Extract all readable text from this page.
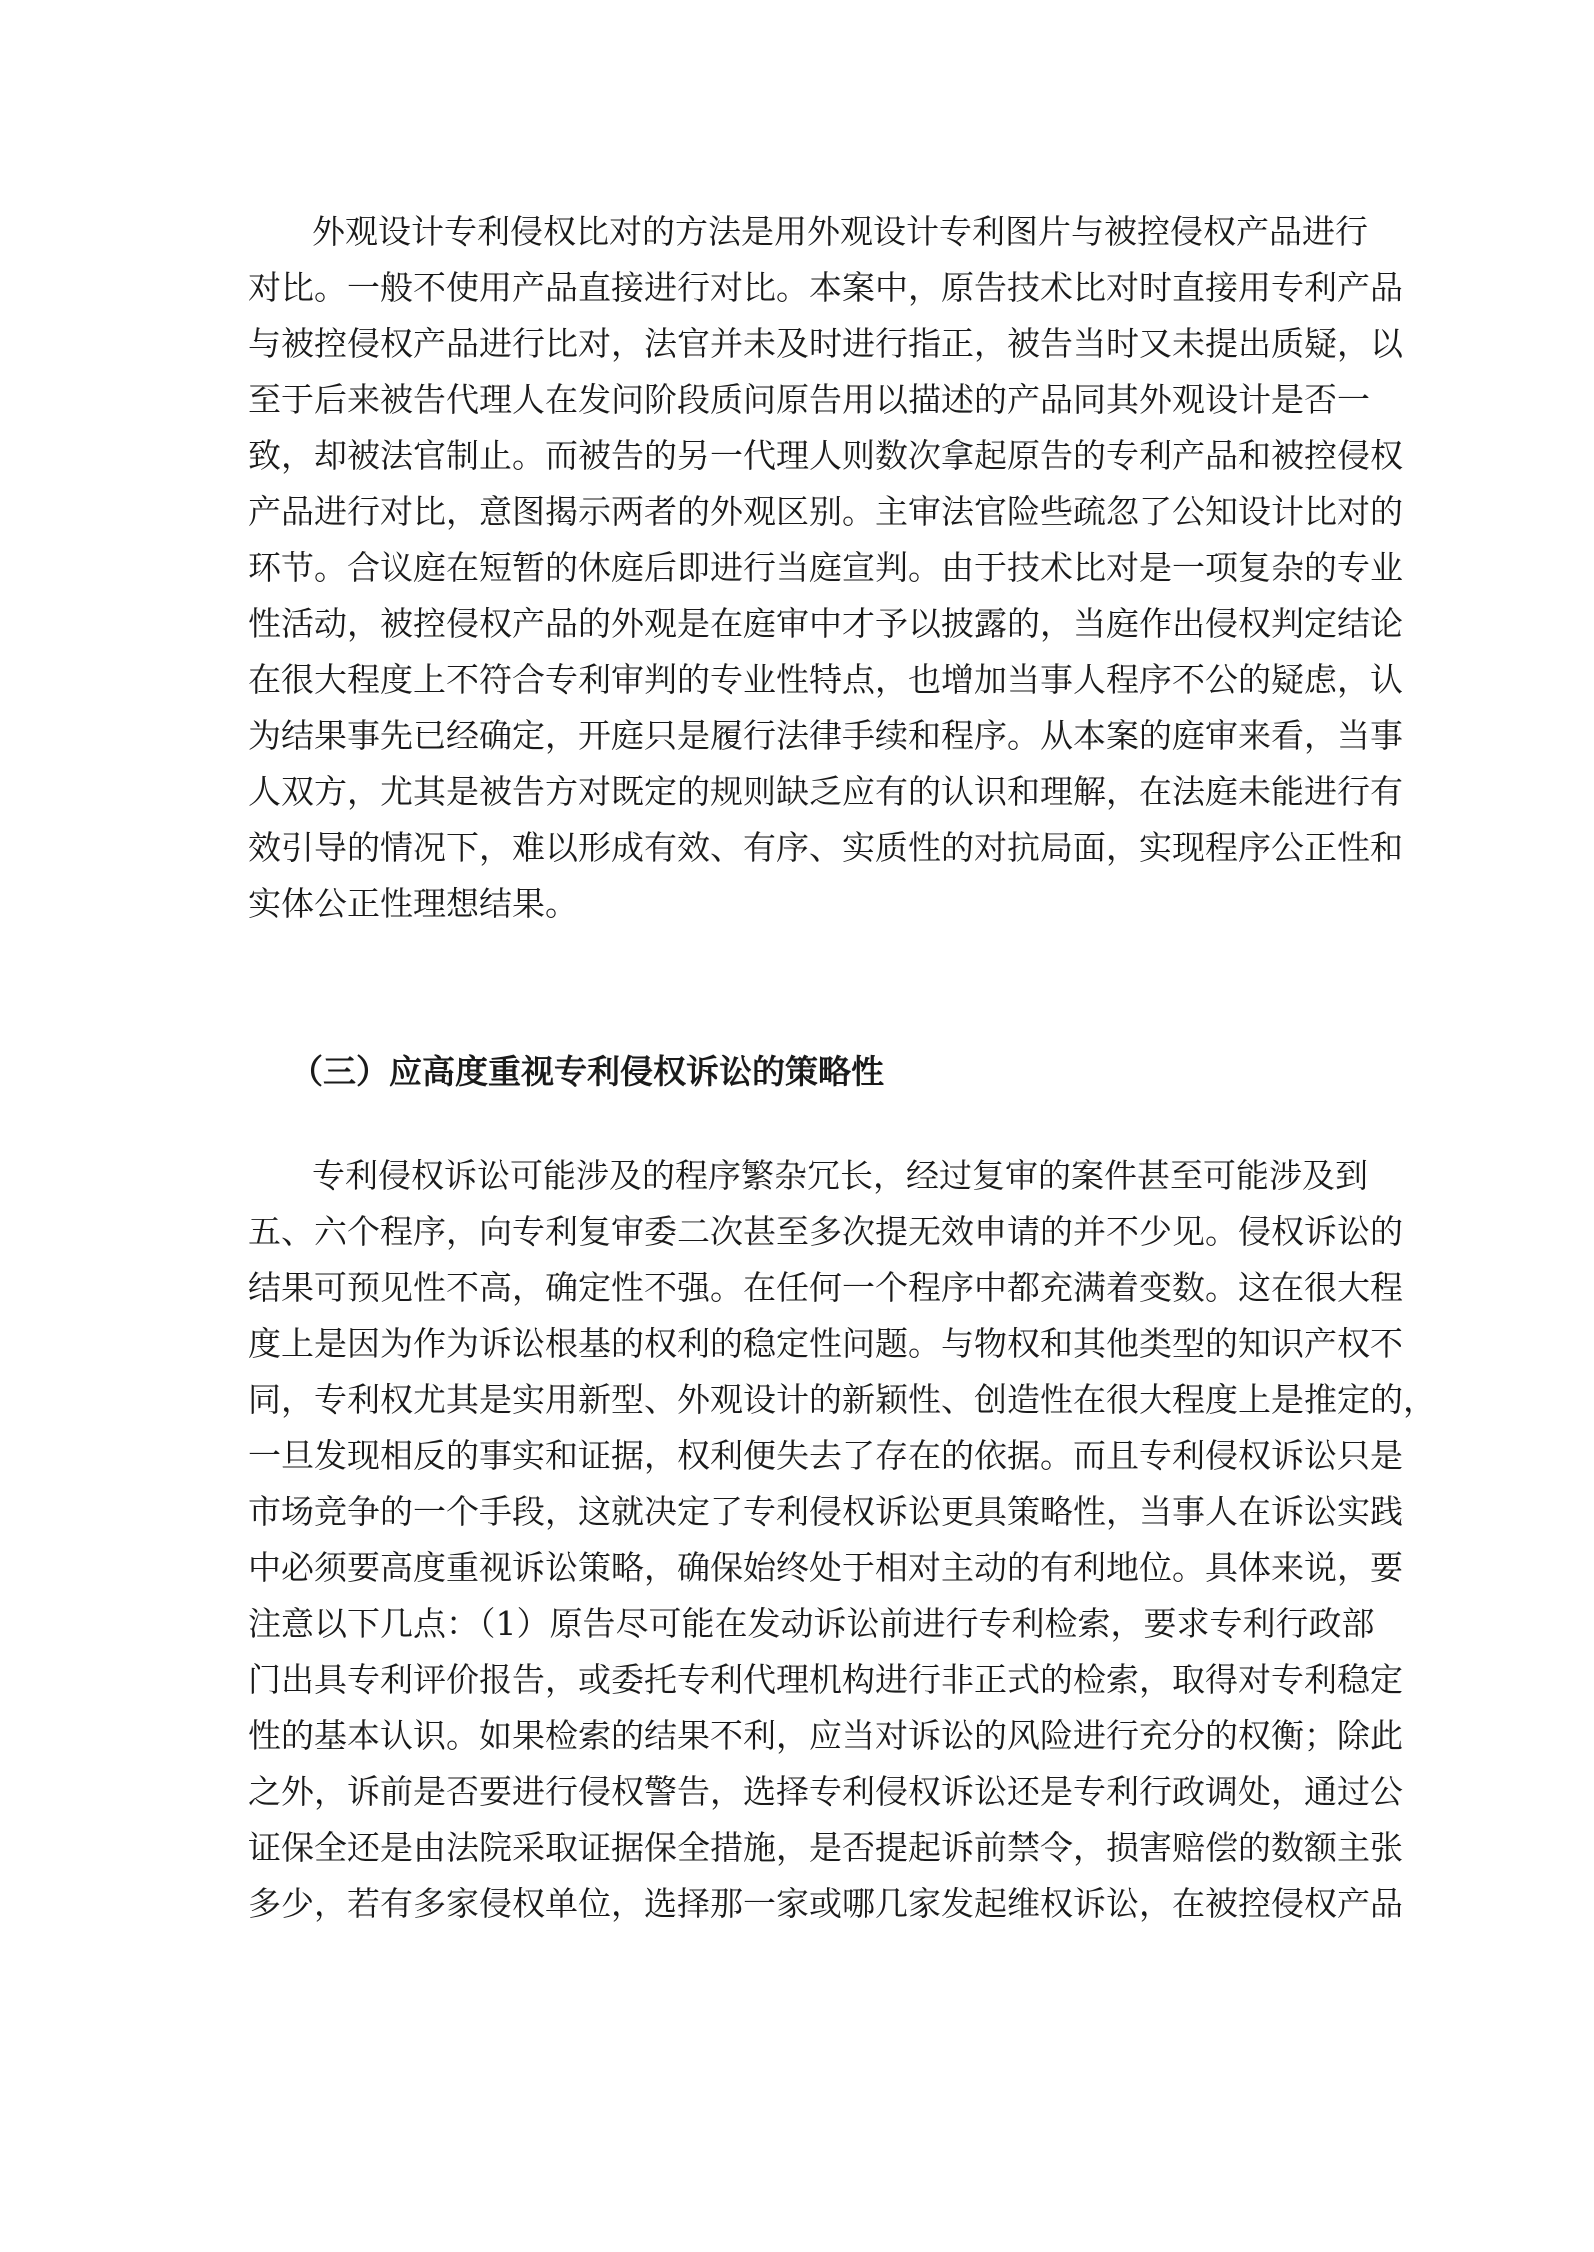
外观设计专利侵权比对的方法是用外观设计专利图片与被控侵权产品进行
对比。一般不使用产品直接进行对比。本案中，原告技术比对时直接用专利产品
与被控侵权产品进行比对，法官并未及时进行指正，被告当时又未提出质疑，以
至于后来被告代理人在发问阶段质问原告用以描述的产品同其外观设计是否一
致，却被法官制止。而被告的另一代理人则数次拿起原告的专利产品和被控侵权
产品进行对比，意图揭示两者的外观区别。主审法官险些疏忽了公知设计比对的
环节。合议庭在短暂的休庭后即进行当庭宣判。由于技术比对是一项复杂的专业
性活动，被控侵权产品的外观是在庭审中才予以披露的，当庭作出侵权判定结论
在很大程度上不符合专利审判的专业性特点，也增加当事人程序不公的疑虑，认
为结果事先已经确定，开庭只是履行法律手续和程序。从本案的庭审来看，当事
人双方，尤其是被告方对既定的规则缺乏应有的认识和理解，在法庭未能进行有
效引导的情况下，难以形成有效、有序、实质性的对抗局面，实现程序公正性和
实体公正性理想结果。
（三）应高度重视专利侵权诉讼的策略性
专利侵权诉讼可能涉及的程序繁杂冗长，经过复审的案件甚至可能涉及到
五、六个程序，向专利复审委二次甚至多次提无效申请的并不少见。侵权诉讼的
结果可预见性不高，确定性不强。在任何一个程序中都充满着变数。这在很大程
度上是因为作为诉讼根基的权利的稳定性问题。与物权和其他类型的知识产权不
同，专利权尤其是实用新型、外观设计的新颖性、创造性在很大程度上是推定的，
一旦发现相反的事实和证据，权利便失去了存在的依据。而且专利侵权诉讼只是
市场竞争的一个手段，这就决定了专利侵权诉讼更具策略性，当事人在诉讼实践
中必须要高度重视诉讼策略，确保始终处于相对主动的有利地位。具体来说，要
注意以下几点：（1）原告尽可能在发动诉讼前进行专利检索，要求专利行政部
门出具专利评价报告，或委托专利代理机构进行非正式的检索，取得对专利稳定
性的基本认识。如果检索的结果不利，应当对诉讼的风险进行充分的权衡；除此
之外，诉前是否要进行侵权警告，选择专利侵权诉讼还是专利行政调处，通过公
证保全还是由法院采取证据保全措施，是否提起诉前禁令，损害赔偿的数额主张
多少，若有多家侵权单位，选择那一家或哪几家发起维权诉讼，在被控侵权产品
